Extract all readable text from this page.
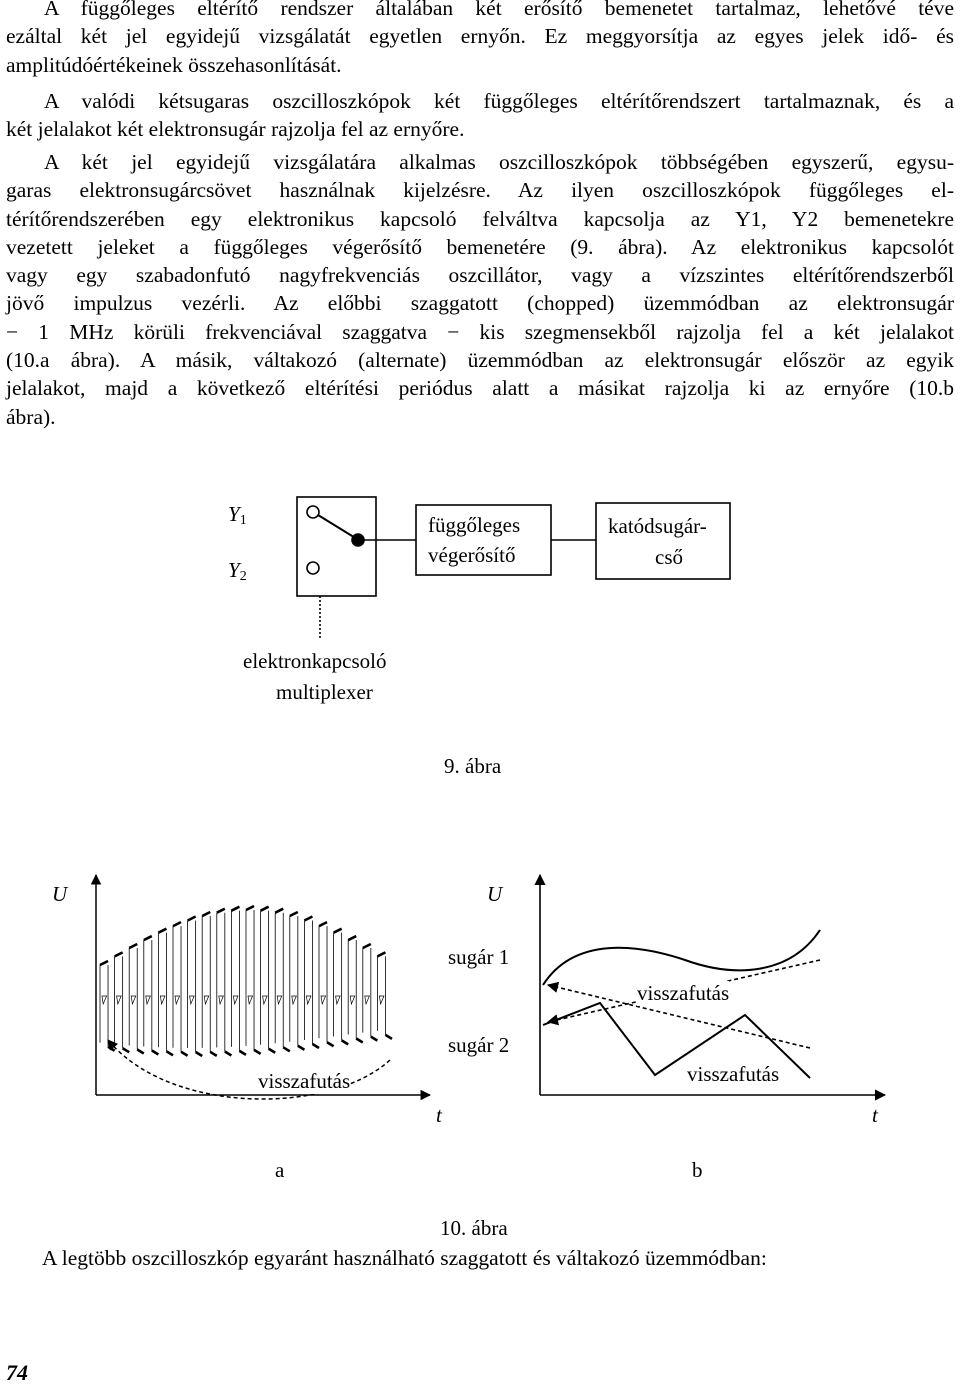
A függőleges eltérítő rendszer általában két erősítő bemenetet tartalmaz, lehetővé téve
ezáltal két jel egyidejű vizsgálatát egyetlen ernyőn. Ez meggyorsítja az egyes jelek idő- és
amplitúdóértékeinek összehasonlítását.
A valódi kétsugaras oszcilloszkópok két függőleges eltérítőrendszert tartalmaznak, és a
két jelalakot két elektronsugár rajzolja fel az ernyőre.
A két jel egyidejű vizsgálatára alkalmas oszcilloszkópok többségében egyszerű, egysu-
garas elektronsugárcsövet használnak kijelzésre. Az ilyen oszcilloszkópok függőleges el-
térítőrendszerében egy elektronikus kapcsoló felváltva kapcsolja az Y1, Y2 bemenetekre
vezetett jeleket a függőleges végerősítő bemenetére (9. ábra). Az elektronikus kapcsolót
vagy egy szabadonfutó nagyfrekvenciás oszcillátor, vagy a vízszintes eltérítőrendszerből
jövő impulzus vezérli. Az előbbi szaggatott (chopped) üzemmódban az elektronsugár
− 1 MHz körüli frekvenciával szaggatva − kis szegmensekből rajzolja fel a két jelalakot
(10.a ábra). A másik, váltakozó (alternate) üzemmódban az elektronsugár először az egyik
jelalakot, majd a következő eltérítési periódus alatt a másikat rajzolja ki az ernyőre (10.b
ábra).
$Y_1$
$Y_2$
függőleges
végerősítő
katódsugár-
cső
elektronkapcsoló
multiplexer
9. ábra
U
t
visszafutás
a
U
t
sugár 1
sugár 2
visszafutás
visszafutás
b
10. ábra
A legtöbb oszcilloszkóp egyaránt használható szaggatott és váltakozó üzemmódban:
74
